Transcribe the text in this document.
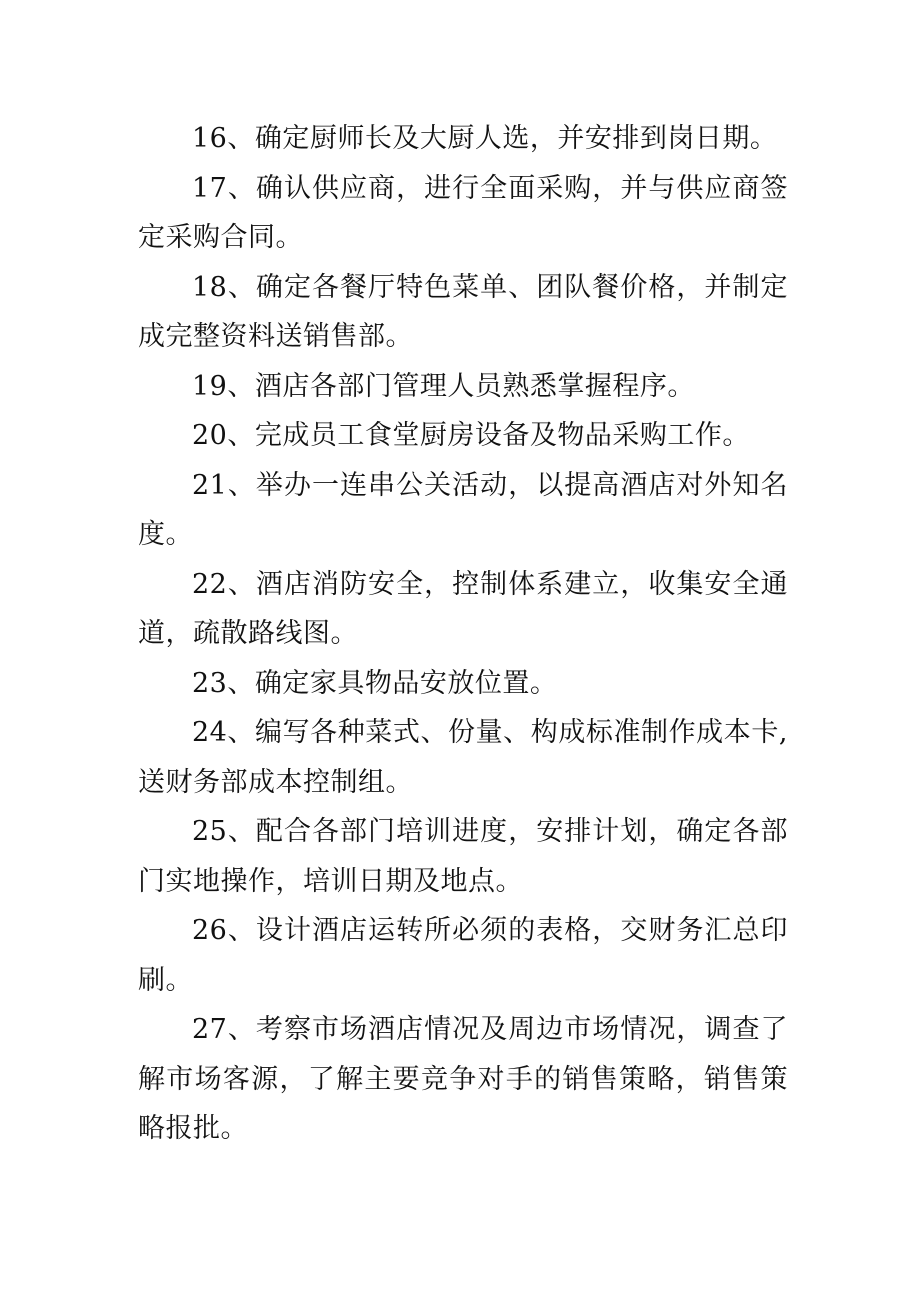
16、确定厨师长及大厨人选，并安排到岗日期。

17、确认供应商，进行全面采购，并与供应商签定采购合同。

18、确定各餐厅特色菜单、团队餐价格，并制定成完整资料送销售部。

19、酒店各部门管理人员熟悉掌握程序。

20、完成员工食堂厨房设备及物品采购工作。

21、举办一连串公关活动，以提高酒店对外知名度。

22、酒店消防安全，控制体系建立，收集安全通道，疏散路线图。

23、确定家具物品安放位置。

24、编写各种菜式、份量、构成标准制作成本卡,送财务部成本控制组。

25、配合各部门培训进度，安排计划，确定各部门实地操作，培训日期及地点。

26、设计酒店运转所必须的表格，交财务汇总印刷。

27、考察市场酒店情况及周边市场情况，调查了解市场客源，了解主要竞争对手的销售策略，销售策略报批。
